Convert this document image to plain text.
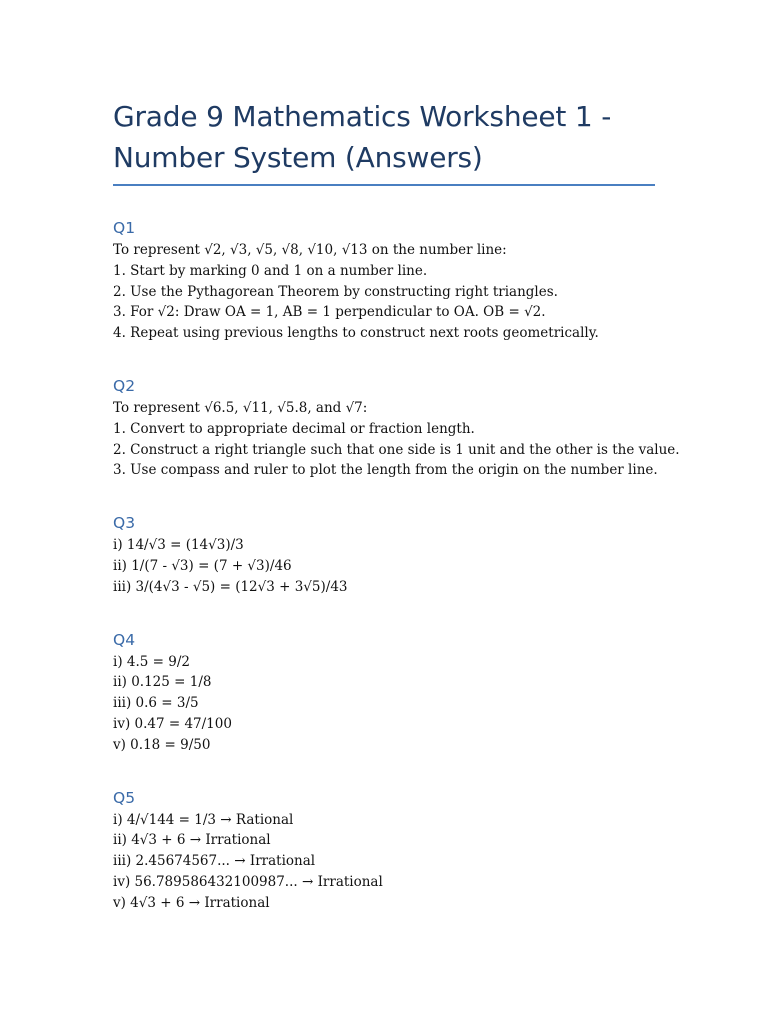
Grade 9 Mathematics Worksheet 1 - Number System (Answers)
Q1

To represent √2, √3, √5, √8, √10, √13 on the number line:

1. Start by marking 0 and 1 on a number line.

2. Use the Pythagorean Theorem by constructing right triangles.

3. For √2: Draw OA = 1, AB = 1 perpendicular to OA. OB = √2.

4. Repeat using previous lengths to construct next roots geometrically.

Q2

To represent √6.5, √11, √5.8, and √7:

1. Convert to appropriate decimal or fraction length.

2. Construct a right triangle such that one side is 1 unit and the other is the value.

3. Use compass and ruler to plot the length from the origin on the number line.

Q3

i) 14/√3 = (14√3)/3

ii) 1/(7 - √3) = (7 + √3)/46

iii) 3/(4√3 - √5) = (12√3 + 3√5)/43

Q4

i) 4.5 = 9/2

ii) 0.125 = 1/8

iii) 0.6 = 3/5

iv) 0.47 = 47/100

v) 0.18 = 9/50

Q5

i) 4/√144 = 1/3 → Rational

ii) 4√3 + 6 → Irrational

iii) 2.45674567... → Irrational

iv) 56.789586432100987... → Irrational

v) 4√3 + 6 → Irrational
